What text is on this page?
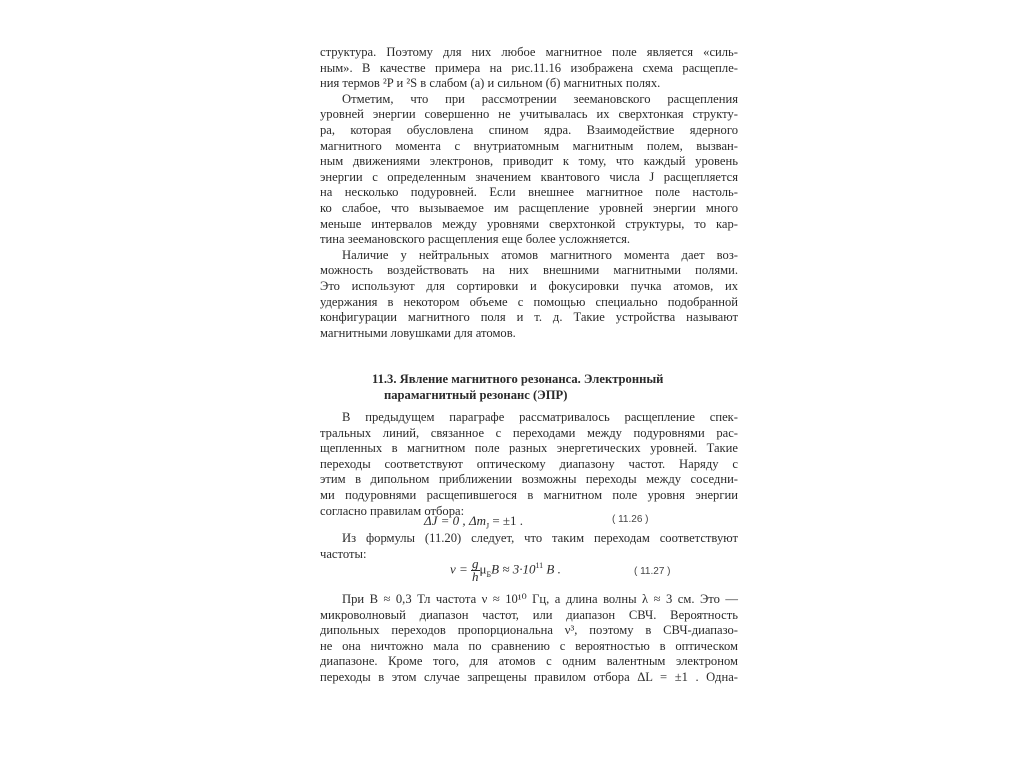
структура. Поэтому для них любое магнитное поле является «силь-
ным». В качестве примера на рис.11.16 изображена схема расщепле-
ния термов ²P и ²S в слабом (а) и сильном (б) магнитных полях.
Отметим, что при рассмотрении зеемановского расщепления
уровней энергии совершенно не учитывалась их сверхтонкая структу-
ра, которая обусловлена спином ядра. Взаимодействие ядерного
магнитного момента с внутриатомным магнитным полем, вызван-
ным движениями электронов, приводит к тому, что каждый уровень
энергии с определенным значением квантового числа J расщепляется
на несколько подуровней. Если внешнее магнитное поле настоль-
ко слабое, что вызываемое им расщепление уровней энергии много
меньше интервалов между уровнями сверхтонкой структуры, то кар-
тина зеемановского расщепления еще более усложняется.
Наличие у нейтральных атомов магнитного момента дает воз-
можность воздействовать на них внешними магнитными полями.
Это используют для сортировки и фокусировки пучка атомов, их
удержания в некотором объеме с помощью специально подобранной
конфигурации магнитного поля и т. д. Такие устройства называют
магнитными ловушками для атомов.
11.3. Явление магнитного резонанса. Электронный
парамагнитный резонанс (ЭПР)
В предыдущем параграфе рассматривалось расщепление спек-
тральных линий, связанное с переходами между подуровнями рас-
щепленных в магнитном поле разных энергетических уровней. Такие
переходы соответствуют оптическому диапазону частот. Наряду с
этим в дипольном приближении возможны переходы между соседни-
ми подуровнями расщепившегося в магнитном поле уровня энергии
согласно правилам отбора:
ΔJ = 0 , $\Delta m_J = \pm 1$ .	( 11.26 )
Из формулы (11.20) следует, что таким переходам соответствуют
частоты:
$\nu = \frac{g}{h} \mu_БB \approx 3\cdot 10^{11}$ B .	( 11.27 )
При B ≈ 0,3 Тл частота ν ≈ 10¹⁰ Гц, а длина волны λ ≈ 3 см. Это —
микроволновый диапазон частот, или диапазон СВЧ. Вероятность
дипольных переходов пропорциональна ν³, поэтому в СВЧ-диапазо-
не она ничтожно мала по сравнению с вероятностью в оптическом
диапазоне. Кроме того, для атомов с одним валентным электроном
переходы в этом случае запрещены правилом отбора ΔL = ±1 . Одна-
